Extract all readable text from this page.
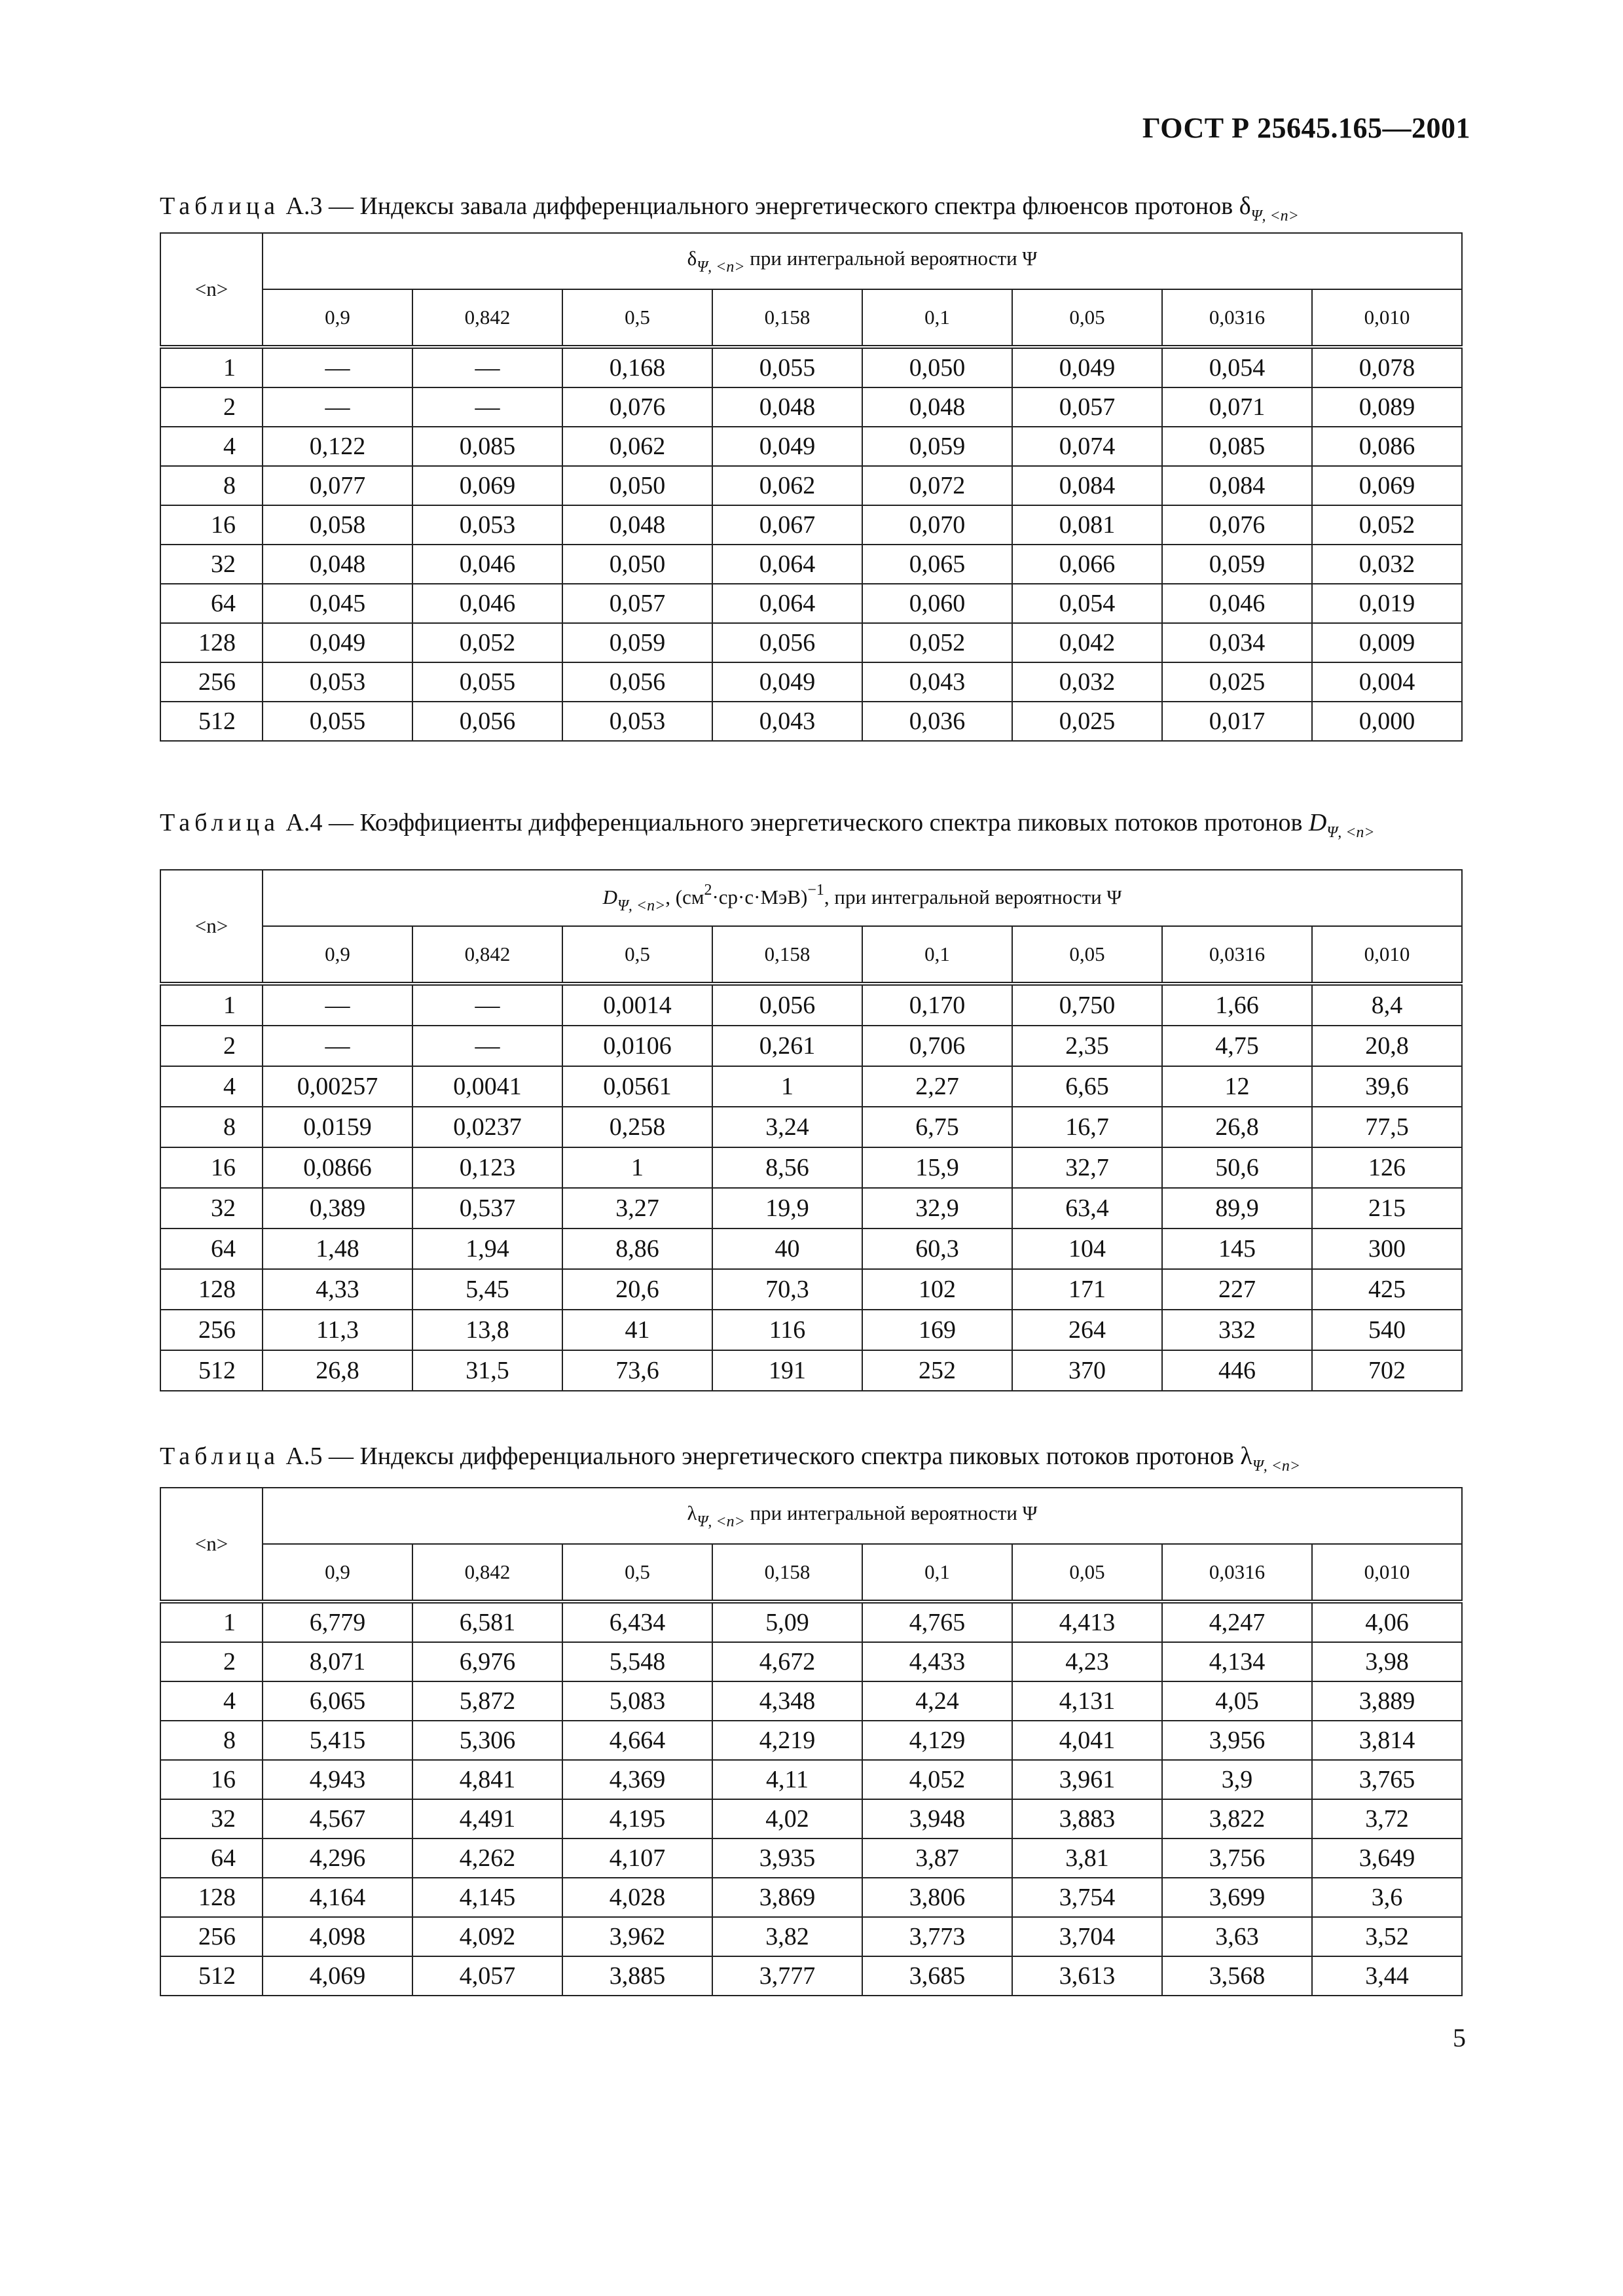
ГОСТ Р 25645.165—2001

Таблица А.3 — Индексы завала дифференциального энергетического спектра флюенсов протонов $\delta_{\Psi, <n>}$

<n>	$\delta_{\Psi, <n>}$ при интегральной вероятности Ψ							
	0,9	0,842	0,5	0,158	0,1	0,05	0,0316	0,010
1	—	—	0,168	0,055	0,050	0,049	0,054	0,078
2	—	—	0,076	0,048	0,048	0,057	0,071	0,089
4	0,122	0,085	0,062	0,049	0,059	0,074	0,085	0,086
8	0,077	0,069	0,050	0,062	0,072	0,084	0,084	0,069
16	0,058	0,053	0,048	0,067	0,070	0,081	0,076	0,052
32	0,048	0,046	0,050	0,064	0,065	0,066	0,059	0,032
64	0,045	0,046	0,057	0,064	0,060	0,054	0,046	0,019
128	0,049	0,052	0,059	0,056	0,052	0,042	0,034	0,009
256	0,053	0,055	0,056	0,049	0,043	0,032	0,025	0,004
512	0,055	0,056	0,053	0,043	0,036	0,025	0,017	0,000

Таблица А.4 — Коэффициенты дифференциального энергетического спектра пиковых потоков протонов $D_{\Psi, <n>}$

<n>	$D_{\Psi, <n>}$, $(см^2\cdot ср\cdot с\cdot МэВ)^{-1}$, при интегральной вероятности Ψ							
	0,9	0,842	0,5	0,158	0,1	0,05	0,0316	0,010
1	—	—	0,0014	0,056	0,170	0,750	1,66	8,4
2	—	—	0,0106	0,261	0,706	2,35	4,75	20,8
4	0,00257	0,0041	0,0561	1	2,27	6,65	12	39,6
8	0,0159	0,0237	0,258	3,24	6,75	16,7	26,8	77,5
16	0,0866	0,123	1	8,56	15,9	32,7	50,6	126
32	0,389	0,537	3,27	19,9	32,9	63,4	89,9	215
64	1,48	1,94	8,86	40	60,3	104	145	300
128	4,33	5,45	20,6	70,3	102	171	227	425
256	11,3	13,8	41	116	169	264	332	540
512	26,8	31,5	73,6	191	252	370	446	702

Таблица А.5 — Индексы дифференциального энергетического спектра пиковых потоков протонов $\lambda_{\Psi, <n>}$

<n>	$\lambda_{\Psi, <n>}$ при интегральной вероятности Ψ							
	0,9	0,842	0,5	0,158	0,1	0,05	0,0316	0,010
1	6,779	6,581	6,434	5,09	4,765	4,413	4,247	4,06
2	8,071	6,976	5,548	4,672	4,433	4,23	4,134	3,98
4	6,065	5,872	5,083	4,348	4,24	4,131	4,05	3,889
8	5,415	5,306	4,664	4,219	4,129	4,041	3,956	3,814
16	4,943	4,841	4,369	4,11	4,052	3,961	3,9	3,765
32	4,567	4,491	4,195	4,02	3,948	3,883	3,822	3,72
64	4,296	4,262	4,107	3,935	3,87	3,81	3,756	3,649
128	4,164	4,145	4,028	3,869	3,806	3,754	3,699	3,6
256	4,098	4,092	3,962	3,82	3,773	3,704	3,63	3,52
512	4,069	4,057	3,885	3,777	3,685	3,613	3,568	3,44
5
